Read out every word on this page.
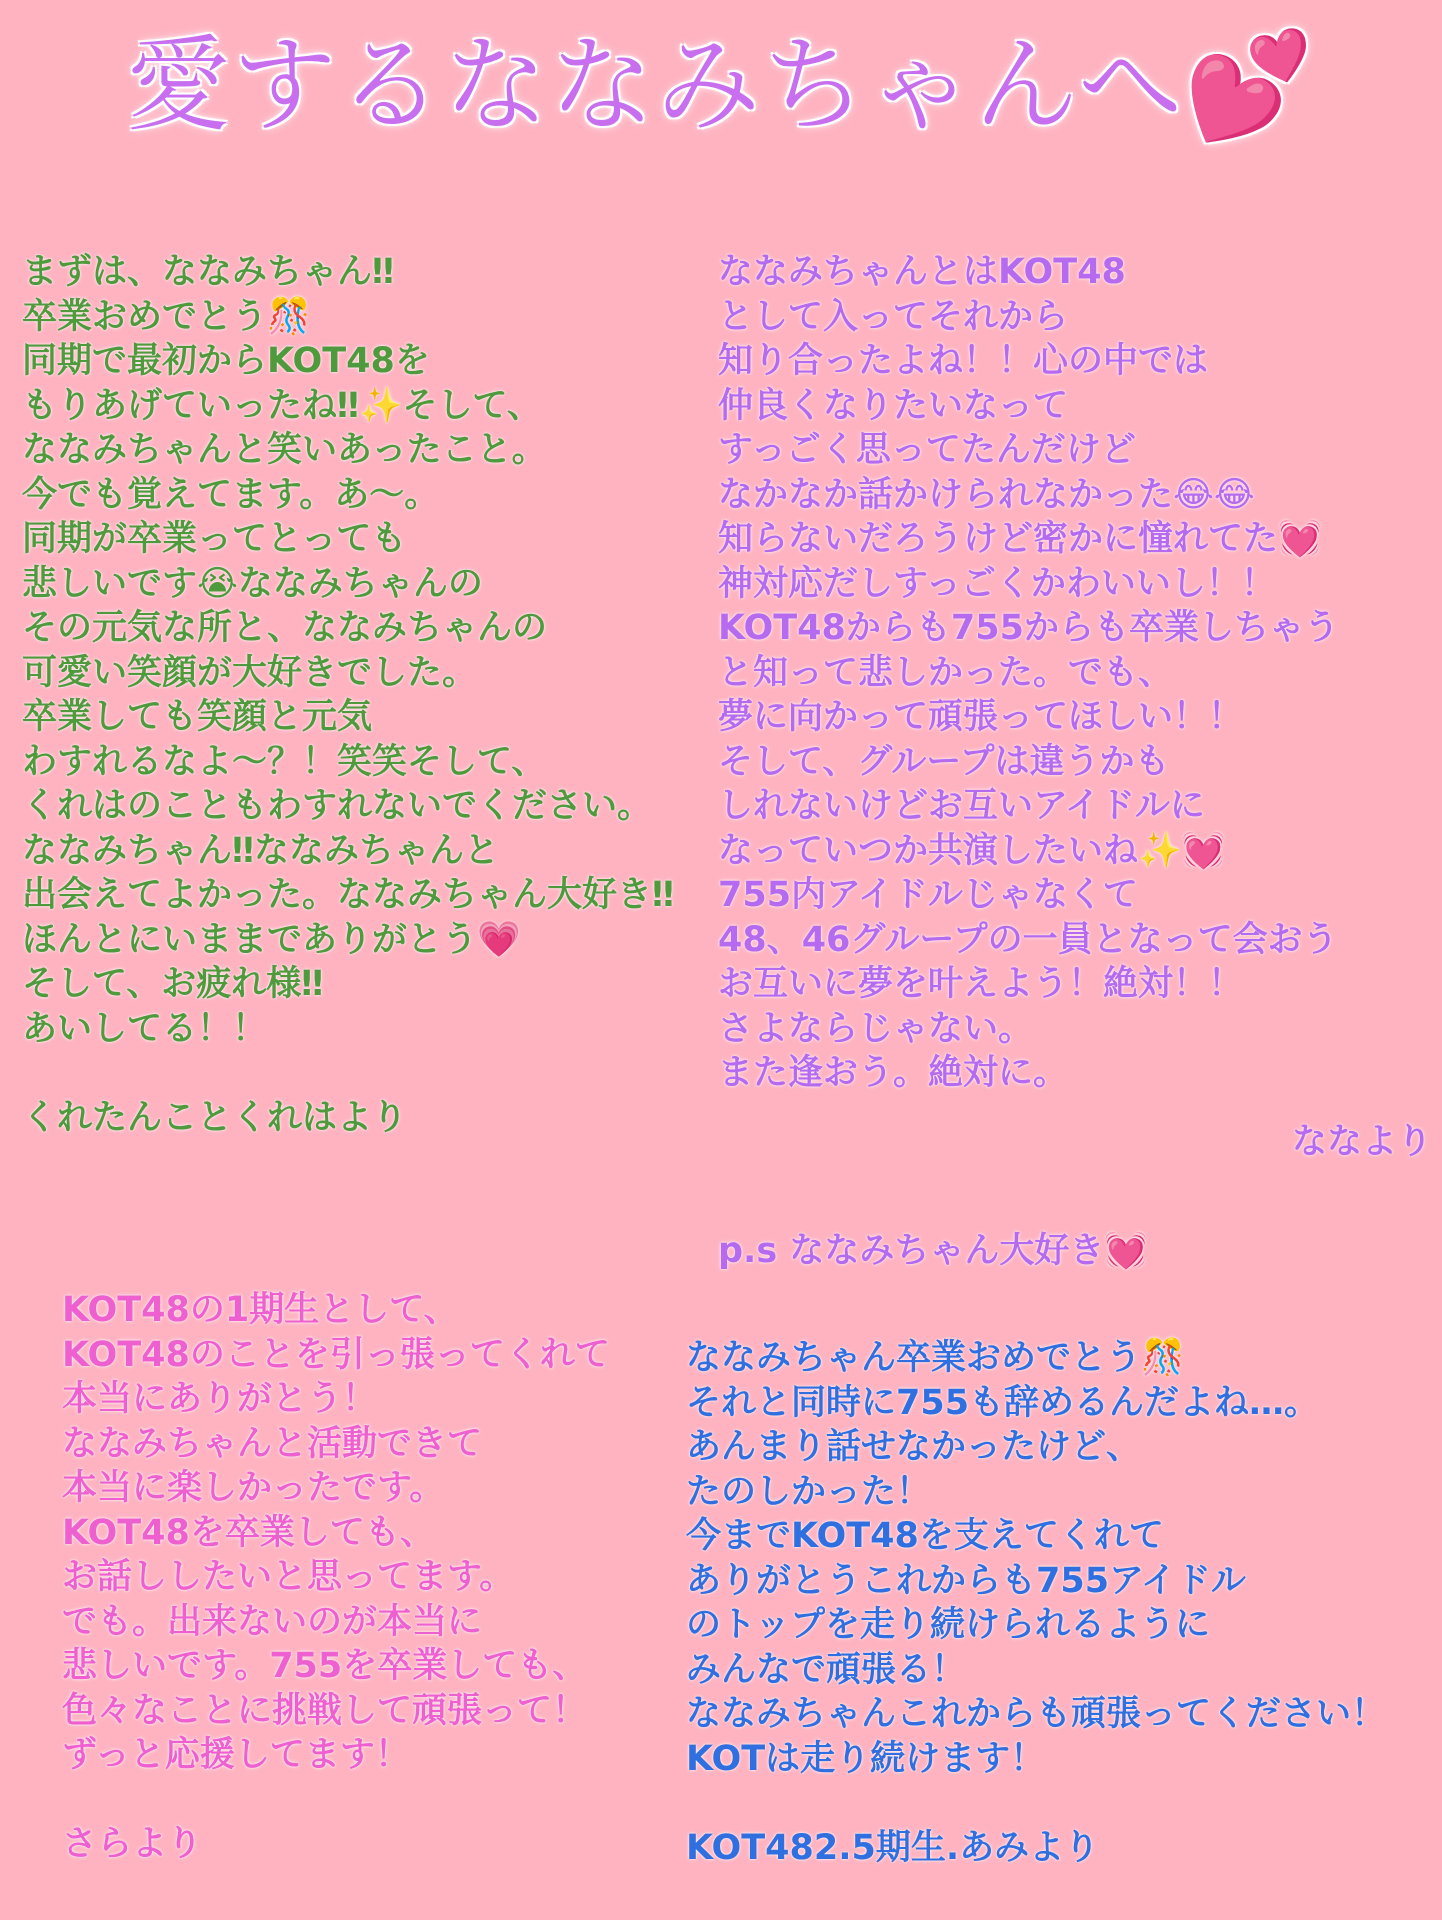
愛するななみちゃんへ💕

まずは、ななみちゃん‼︎
卒業おめでとう🎊
同期で最初からKOT48を
もりあげていったね‼︎✨そして、
ななみちゃんと笑いあったこと。
今でも覚えてます。あ〜。
同期が卒業ってとっても
悲しいです😭ななみちゃんの
その元気な所と、ななみちゃんの
可愛い笑顔が大好きでした。
卒業しても笑顔と元気
わすれるなよ〜？！笑笑そして、
くれはのこともわすれないでください。
ななみちゃん‼︎ななみちゃんと
出会えてよかった。ななみちゃん大好き‼︎
ほんとにいままでありがとう💗
そして、お疲れ様‼︎
あいしてる！！

くれたんことくれはより

ななみちゃんとはKOT48
として入ってそれから
知り合ったよね！！心の中では
仲良くなりたいなって
すっごく思ってたんだけど
なかなか話かけられなかった😂😂
知らないだろうけど密かに憧れてた💓
神対応だしすっごくかわいいし！！
KOT48からも755からも卒業しちゃう
と知って悲しかった。でも、
夢に向かって頑張ってほしい！！
そして、グループは違うかも
しれないけどお互いアイドルに
なっていつか共演したいね✨💓
755内アイドルじゃなくて
48、46グループの一員となって会おう
お互いに夢を叶えよう！絶対！！
さよならじゃない。
また逢おう。絶対に。

p.s ななみちゃん大好き💓

ななより

KOT48の1期生として、
KOT48のことを引っ張ってくれて
本当にありがとう！
ななみちゃんと活動できて
本当に楽しかったです。
KOT48を卒業しても、
お話ししたいと思ってます。
でも。出来ないのが本当に
悲しいです。755を卒業しても、
色々なことに挑戦して頑張って！
ずっと応援してます！

さらより

ななみちゃん卒業おめでとう🎊
それと同時に755も辞めるんだよね…。
あんまり話せなかったけど、
たのしかった！
今までKOT48を支えてくれて
ありがとうこれからも755アイドル
のトップを走り続けられるように
みんなで頑張る！
ななみちゃんこれからも頑張ってください！
KOTは走り続けます！

KOT482.5期生.あみより
